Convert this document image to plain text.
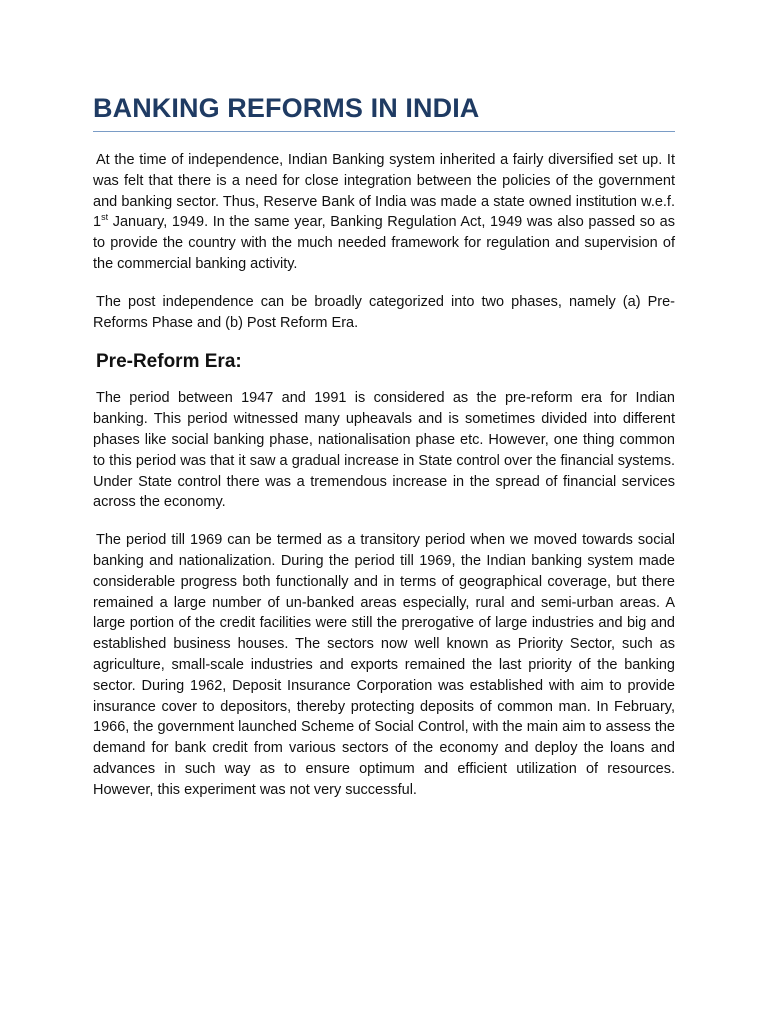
BANKING REFORMS IN INDIA

At the time of independence, Indian Banking system inherited a fairly diversified set up. It was felt that there is a need for close integration between the policies of the government and banking sector. Thus, Reserve Bank of India was made a state owned institution w.e.f. 1st January, 1949. In the same year, Banking Regulation Act, 1949 was also passed so as to provide the country with the much needed framework for regulation and supervision of the commercial banking activity.

The post independence can be broadly categorized into two phases, namely (a) Pre-Reforms Phase and (b) Post Reform Era.

Pre-Reform Era:

The period between 1947 and 1991 is considered as the pre-reform era for Indian banking. This period witnessed many upheavals and is sometimes divided into different phases like social banking phase, nationalisation phase etc. However, one thing common to this period was that it saw a gradual increase in State control over the financial systems. Under State control there was a tremendous increase in the spread of financial services across the economy.

The period till 1969 can be termed as a transitory period when we moved towards social banking and nationalization. During the period till 1969, the Indian banking system made considerable progress both functionally and in terms of geographical coverage, but there remained a large number of un-banked areas especially, rural and semi-urban areas. A large portion of the credit facilities were still the prerogative of large industries and big and established business houses. The sectors now well known as Priority Sector, such as agriculture, small-scale industries and exports remained the last priority of the banking sector. During 1962, Deposit Insurance Corporation was established with aim to provide insurance cover to depositors, thereby protecting deposits of common man. In February, 1966, the government launched Scheme of Social Control, with the main aim to assess the demand for bank credit from various sectors of the economy and deploy the loans and advances in such way as to ensure optimum and efficient utilization of resources. However, this experiment was not very successful.
